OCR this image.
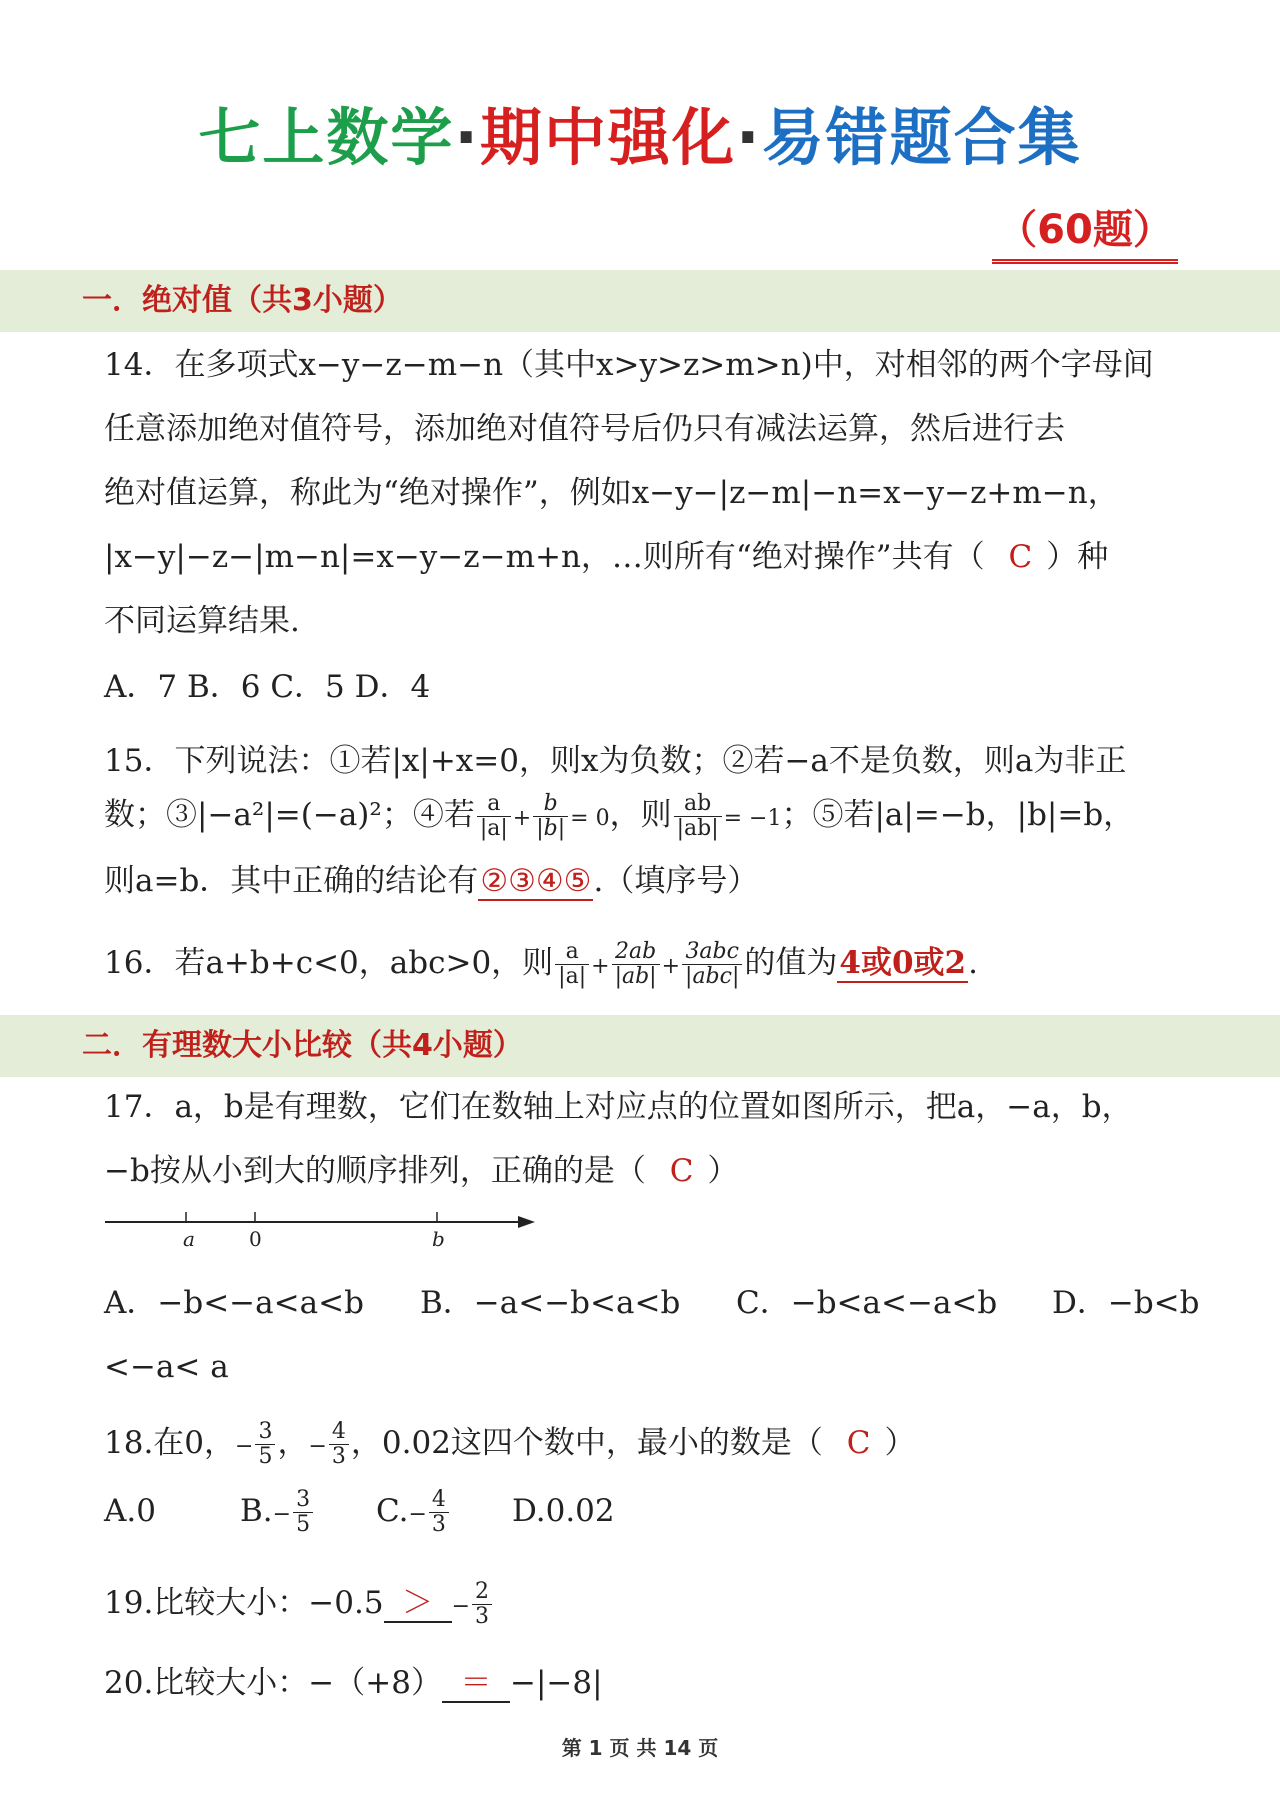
七上数学·期中强化·易错题合集
（60题）
一．绝对值（共3小题）
14．在多项式x−y−z−m−n（其中x>y>z>m>n)中，对相邻的两个字母间
任意添加绝对值符号，添加绝对值符号后仍只有减法运算，然后进行去
绝对值运算，称此为“绝对操作”，例如x−y−|z−m|−n=x−y−z+m−n，
|x−y|−z−|m−n|=x−y−z−m+n，…则所有“绝对操作”共有（ C ）种
不同运算结果.
A．7 B．6 C．5 D．4
15．下列说法：①若|x|+x=0，则x为负数；②若−a不是负数，则a为非正
数；③|−a²|=(−a)²；④若 $\frac{a}{|a|} + \frac{b}{|b|} = 0$，则 $\frac{ab}{|ab|} = -1$；⑤若|a|=−b，|b|=b，
则a=b．其中正确的结论有②③④⑤.（填序号）
16．若a+b+c<0，abc>0，则 $\frac{a}{|a|} + \frac{2ab}{|ab|} + \frac{\text{3abc}}{\text{|abc|}}$ 的值为4或0或2.
二．有理数大小比较（共4小题）
17．a，b是有理数，它们在数轴上对应点的位置如图所示，把a，−a，b，
−b按从小到大的顺序排列，正确的是（ C ）
a	0	b
A．−b<−a<a<b B．−a<−b<a<b C．−b<a<−a<b D．−b<b
<−a< a
18.在0，− $\frac{3}{5}$ ，− $\frac{4}{3}$ ，0.02这四个数中，最小的数是（ C ）
A.0	$B.- \frac{3}{5} C.- \frac{4}{3} D.0.02$
19.比较大小：−0.5 ＞ − $\frac{2}{3}$
20.比较大小：−（+8） ＝ −|−8|
第 1 页 共 14 页
